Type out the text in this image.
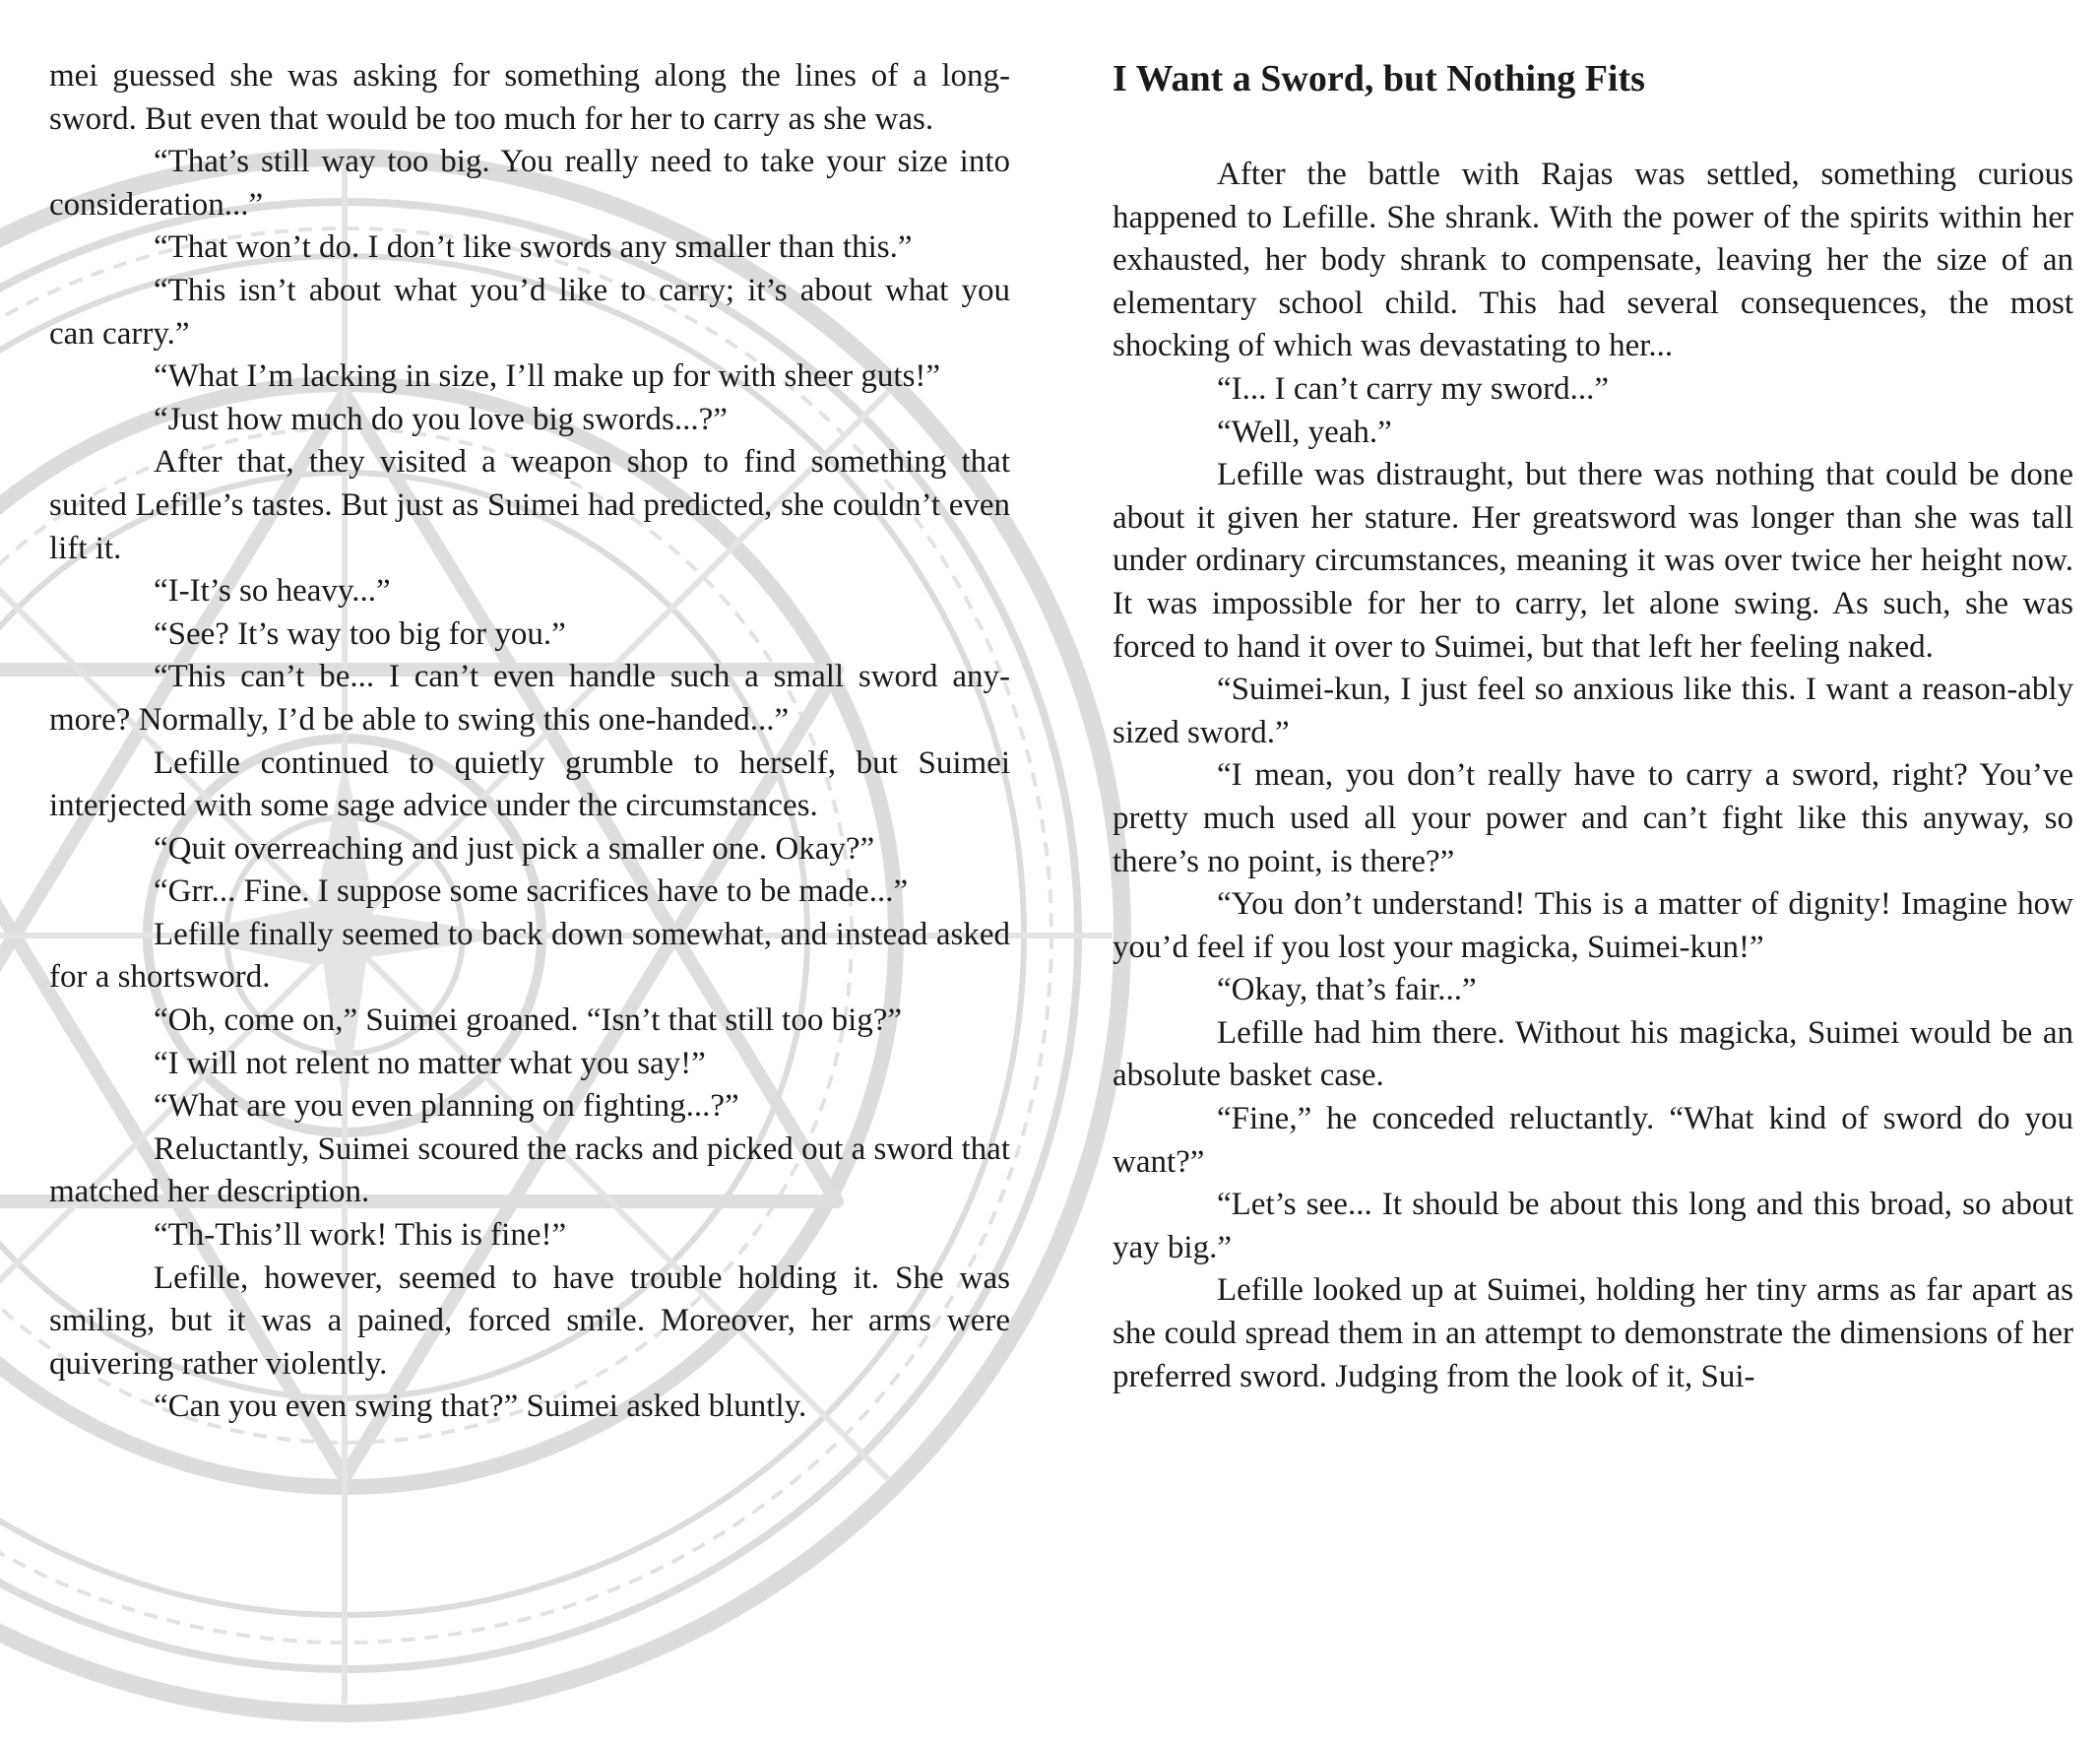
mei guessed she was asking for something along the lines of a long-sword. But even that would be too much for her to carry as she was.

“That’s still way too big. You really need to take your size into consideration...”

“That won’t do. I don’t like swords any smaller than this.”

“This isn’t about what you’d like to carry; it’s about what you can carry.”

“What I’m lacking in size, I’ll make up for with sheer guts!”

“Just how much do you love big swords...?”

After that, they visited a weapon shop to find something that suited Lefille’s tastes. But just as Suimei had predicted, she couldn’t even lift it.

“I-It’s so heavy...”

“See? It’s way too big for you.”

“This can’t be... I can’t even handle such a small sword any-more? Normally, I’d be able to swing this one-handed...”

Lefille continued to quietly grumble to herself, but Suimei interjected with some sage advice under the circumstances.

“Quit overreaching and just pick a smaller one. Okay?”

“Grr... Fine. I suppose some sacrifices have to be made...”

Lefille finally seemed to back down somewhat, and instead asked for a shortsword.

“Oh, come on,” Suimei groaned. “Isn’t that still too big?”

“I will not relent no matter what you say!”

“What are you even planning on fighting...?”

Reluctantly, Suimei scoured the racks and picked out a sword that matched her description.

“Th-This’ll work! This is fine!”

Lefille, however, seemed to have trouble holding it. She was smiling, but it was a pained, forced smile. Moreover, her arms were quivering rather violently.

“Can you even swing that?” Suimei asked bluntly.

I Want a Sword, but Nothing Fits

After the battle with Rajas was settled, something curious happened to Lefille. She shrank. With the power of the spirits within her exhausted, her body shrank to compensate, leaving her the size of an elementary school child. This had several consequences, the most shocking of which was devastating to her...

“I... I can’t carry my sword...”

“Well, yeah.”

Lefille was distraught, but there was nothing that could be done about it given her stature. Her greatsword was longer than she was tall under ordinary circumstances, meaning it was over twice her height now. It was impossible for her to carry, let alone swing. As such, she was forced to hand it over to Suimei, but that left her feeling naked.

“Suimei-kun, I just feel so anxious like this. I want a reason-ably sized sword.”

“I mean, you don’t really have to carry a sword, right? You’ve pretty much used all your power and can’t fight like this anyway, so there’s no point, is there?”

“You don’t understand! This is a matter of dignity! Imagine how you’d feel if you lost your magicka, Suimei-kun!”

“Okay, that’s fair...”

Lefille had him there. Without his magicka, Suimei would be an absolute basket case.

“Fine,” he conceded reluctantly. “What kind of sword do you want?”

“Let’s see... It should be about this long and this broad, so about yay big.”

Lefille looked up at Suimei, holding her tiny arms as far apart as she could spread them in an attempt to demonstrate the dimensions of her preferred sword. Judging from the look of it, Sui-
